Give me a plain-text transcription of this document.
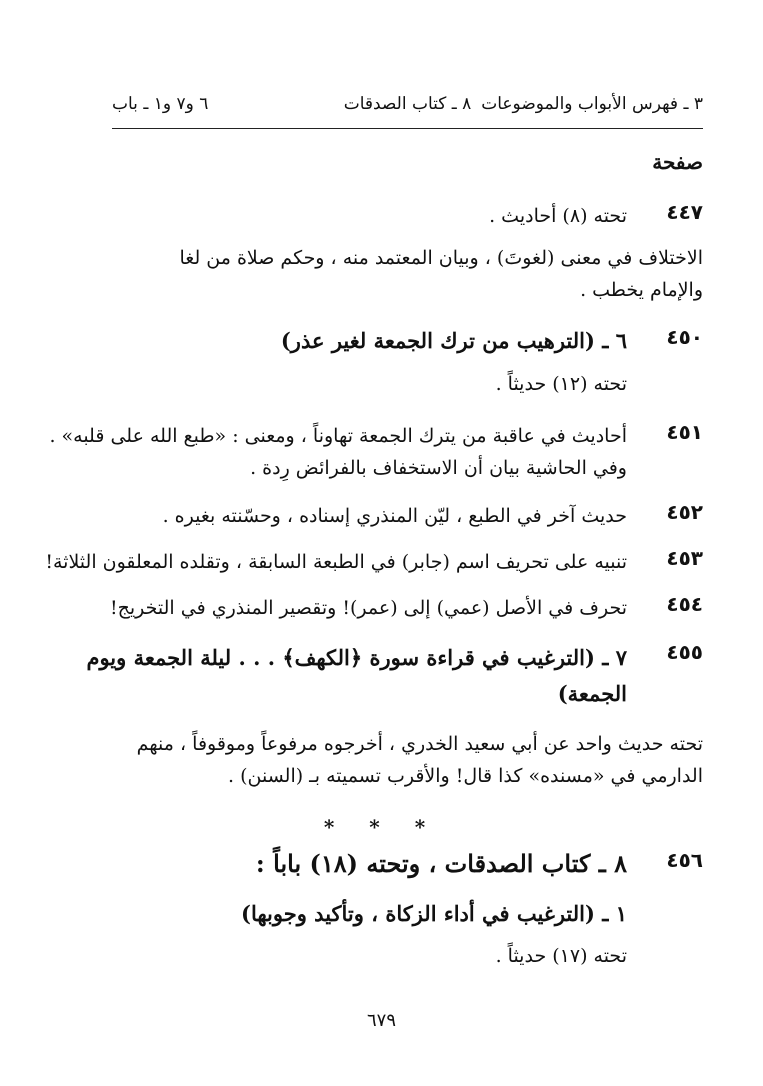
٣ ـ فهرس الأبواب والموضوعات
٨ ـ كتاب الصدقات
٦ و٧ و١ ـ باب
صفحة
٤٤٧
تحته (٨) أحاديث .
الاختلاف في معنى (لغوتَ) ، وبيان المعتمد منه ، وحكم صلاة من لغا
والإمام يخطب .
٤٥٠
٦ ـ (الترهيب من ترك الجمعة لغير عذر)
تحته (١٢) حديثاً .
٤٥١
أحاديث في عاقبة من يترك الجمعة تهاوناً ، ومعنى : «طبع الله على قلبه» .
وفي الحاشية بيان أن الاستخفاف بالفرائض رِدة .
٤٥٢
حديث آخر في الطبع ، ليّن المنذري إسناده ، وحسّنته بغيره .
٤٥٣
تنبيه على تحريف اسم (جابر) في الطبعة السابقة ، وتقلده المعلقون الثلاثة!
٤٥٤
تحرف في الأصل (عمي) إلى (عمر)! وتقصير المنذري في التخريج!
٤٥٥
٧ ـ (الترغيب في قراءة سورة ﴿الكهف﴾ . . . ليلة الجمعة ويوم
الجمعة)
تحته حديث واحد عن أبي سعيد الخدري ، أخرجوه مرفوعاً وموقوفاً ، منهم
الدارمي في «مسنده» كذا قال! والأقرب تسميته بـ (السنن) .
* * *
٤٥٦
٨ ـ كتاب الصدقات ، وتحته (١٨) باباً :
١ ـ (الترغيب في أداء الزكاة ، وتأكيد وجوبها)
تحته (١٧) حديثاً .
٦٧٩
